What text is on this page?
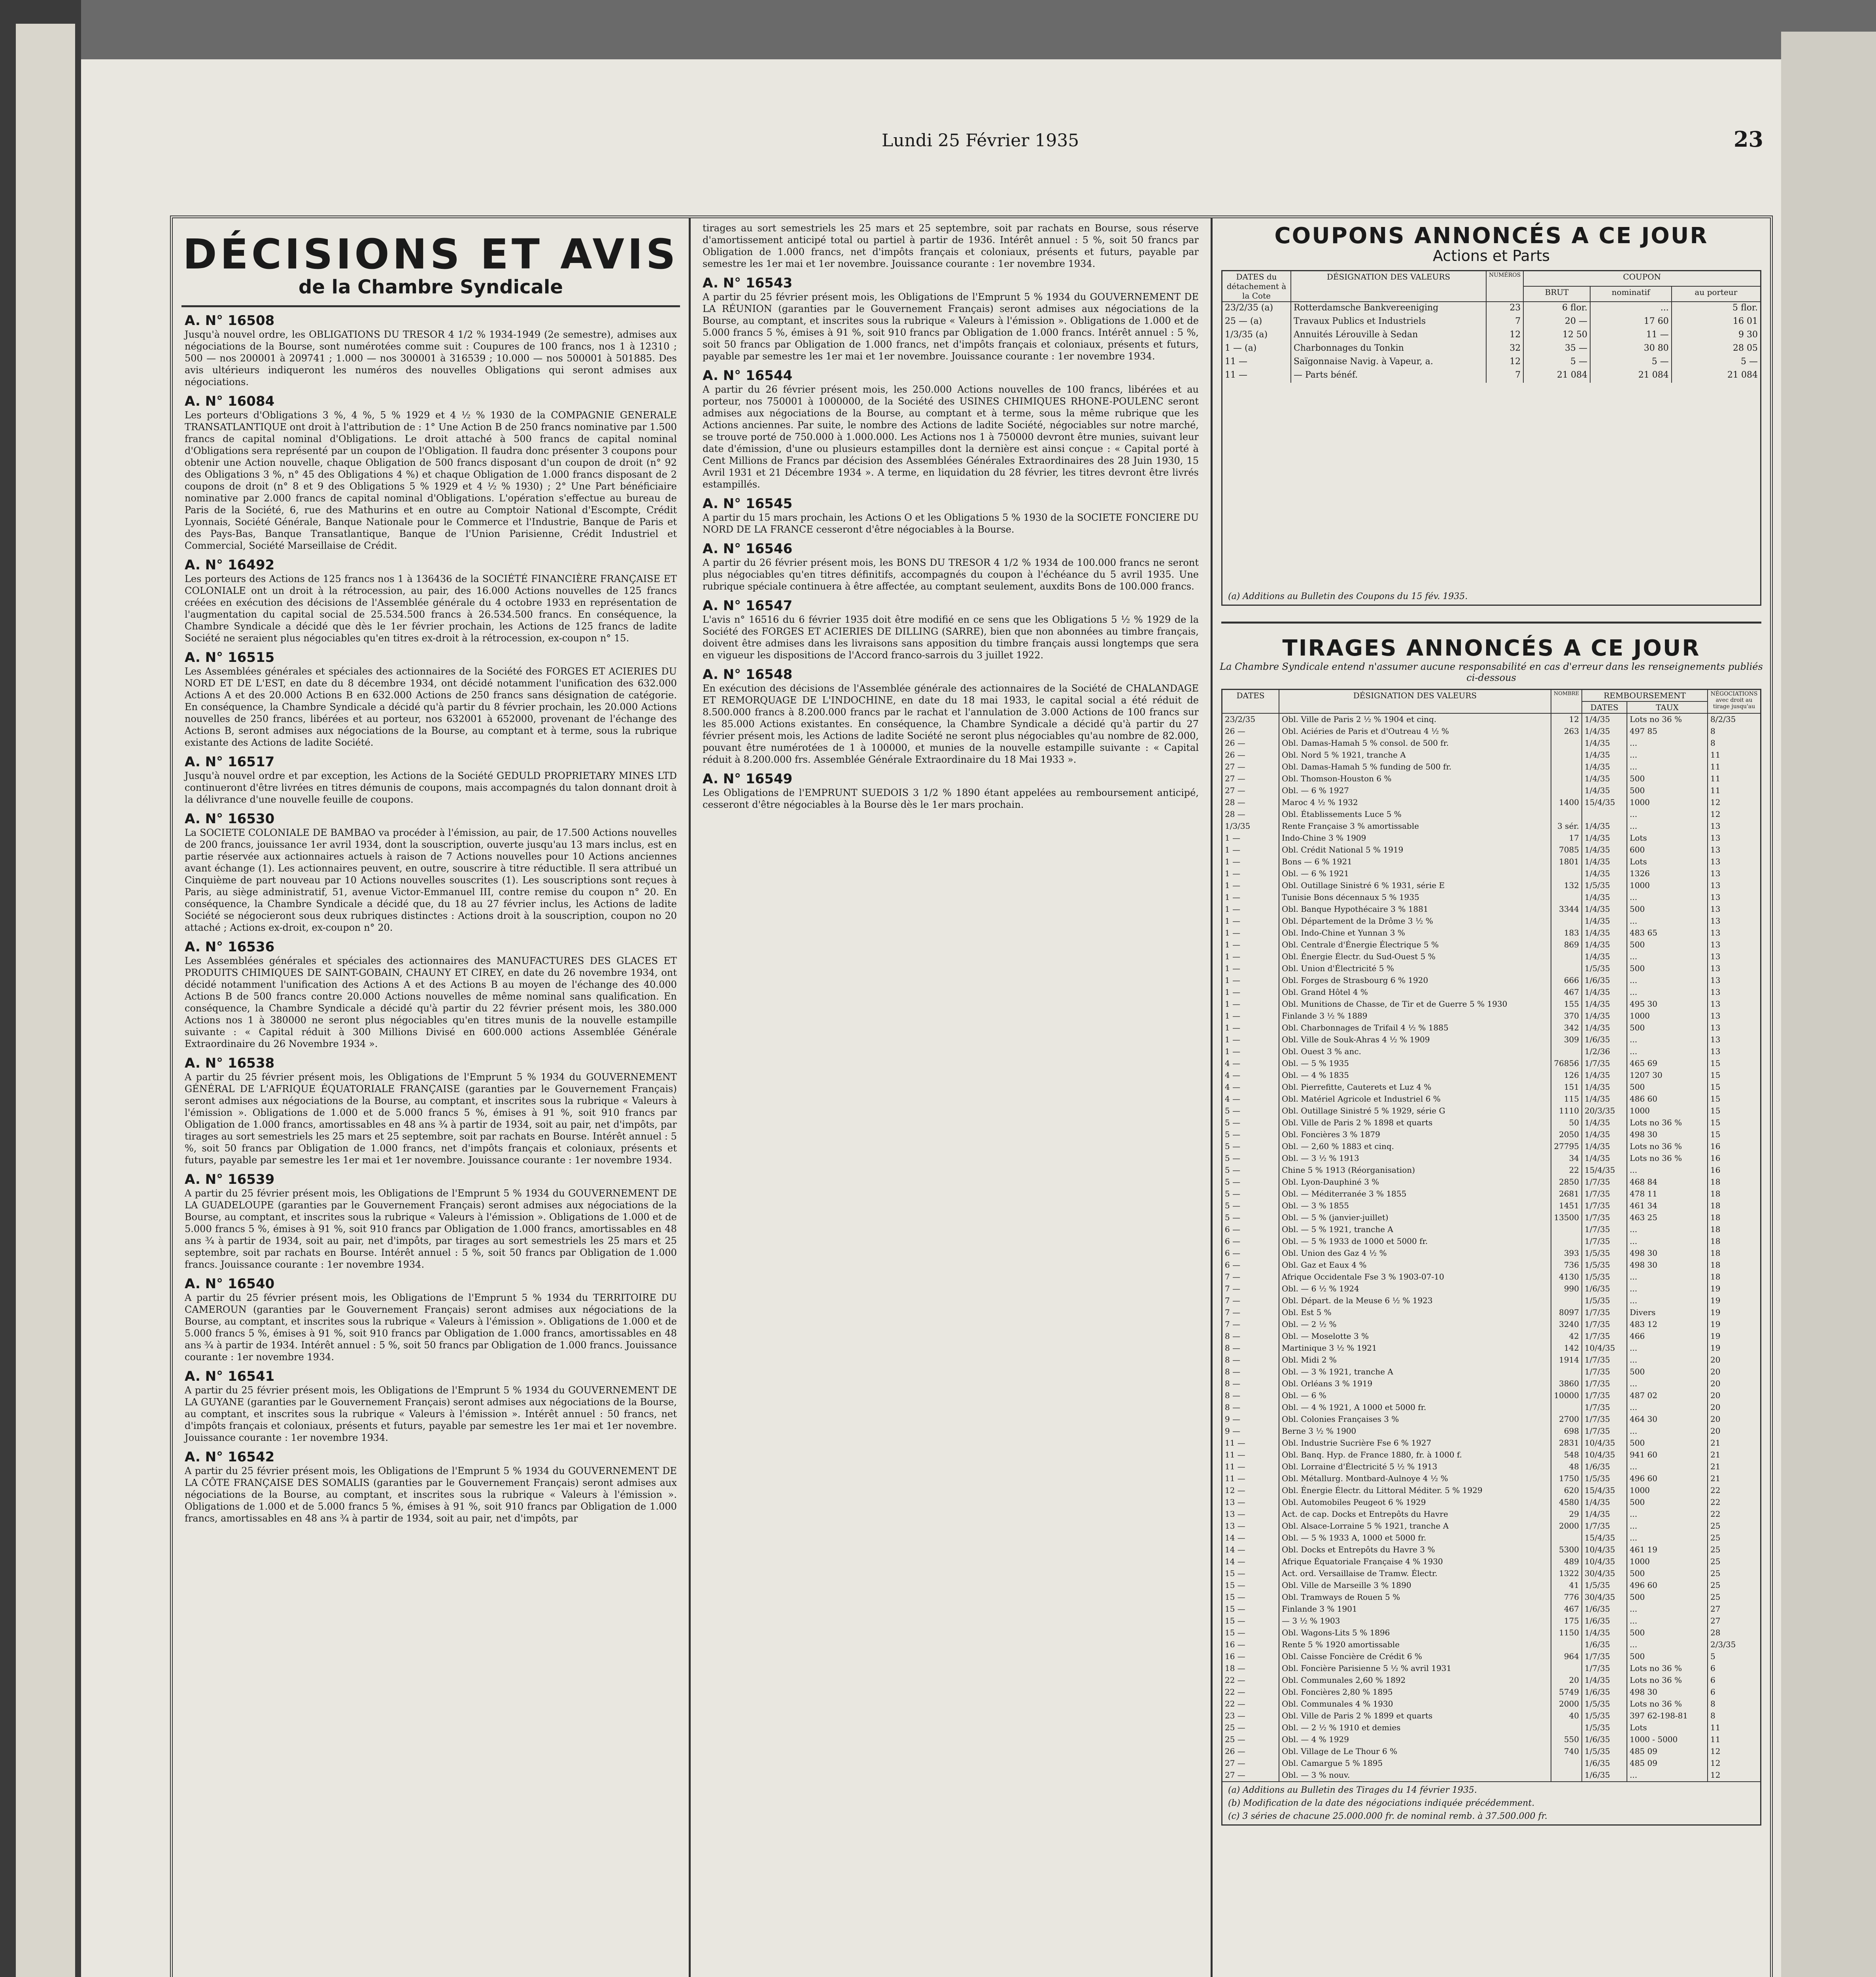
Lundi 25 Février 1935	23
DÉCISIONS ET AVIS
de la Chambre Syndicale
A. N° 16508
Jusqu'à nouvel ordre, les OBLIGATIONS DU TRESOR 4 1/2 % 1934-1949 (2e semestre), admises aux négociations de la Bourse, sont numérotées comme suit : Coupures de 100 francs, nos 1 à 12310 ; 500 — nos 200001 à 209741 ; 1.000 — nos 300001 à 316539 ; 10.000 — nos 500001 à 501885. Des avis ultérieurs indiqueront les numéros des nouvelles Obligations qui seront admises aux négociations.
A. N° 16084
Les porteurs d'Obligations 3 %, 4 %, 5 % 1929 et 4 ½ % 1930 de la COMPAGNIE GENERALE TRANSATLANTIQUE ont droit à l'attribution de : 1° Une Action B de 250 francs nominative par 1.500 francs de capital nominal d'Obligations. Le droit attaché à 500 francs de capital nominal d'Obligations sera représenté par un coupon de l'Obligation. Il faudra donc présenter 3 coupons pour obtenir une Action nouvelle, chaque Obligation de 500 francs disposant d'un coupon de droit (n° 92 des Obligations 3 %, n° 45 des Obligations 4 %) et chaque Obligation de 1.000 francs disposant de 2 coupons de droit (n° 8 et 9 des Obligations 5 % 1929 et 4 ½ % 1930) ; 2° Une Part bénéficiaire nominative par 2.000 francs de capital nominal d'Obligations. L'opération s'effectue au bureau de Paris de la Société, 6, rue des Mathurins et en outre au Comptoir National d'Escompte, Crédit Lyonnais, Société Générale, Banque Nationale pour le Commerce et l'Industrie, Banque de Paris et des Pays-Bas, Banque Transatlantique, Banque de l'Union Parisienne, Crédit Industriel et Commercial, Société Marseillaise de Crédit.
A. N° 16492
Les porteurs des Actions de 125 francs nos 1 à 136436 de la SOCIÉTÉ FINANCIÈRE FRANÇAISE ET COLONIALE ont un droit à la rétrocession, au pair, des 16.000 Actions nouvelles de 125 francs créées en exécution des décisions de l'Assemblée générale du 4 octobre 1933 en représentation de l'augmentation du capital social de 25.534.500 francs à 26.534.500 francs. En conséquence, la Chambre Syndicale a décidé que dès le 1er février prochain, les Actions de 125 francs de ladite Société ne seraient plus négociables qu'en titres ex-droit à la rétrocession, ex-coupon n° 15.
A. N° 16515
Les Assemblées générales et spéciales des actionnaires de la Société des FORGES ET ACIERIES DU NORD ET DE L'EST, en date du 8 décembre 1934, ont décidé notamment l'unification des 632.000 Actions A et des 20.000 Actions B en 632.000 Actions de 250 francs sans désignation de catégorie. En conséquence, la Chambre Syndicale a décidé qu'à partir du 8 février prochain, les 20.000 Actions nouvelles de 250 francs, libérées et au porteur, nos 632001 à 652000, provenant de l'échange des Actions B, seront admises aux négociations de la Bourse, au comptant et à terme, sous la rubrique existante des Actions de ladite Société.
A. N° 16517
Jusqu'à nouvel ordre et par exception, les Actions de la Société GEDULD PROPRIETARY MINES LTD continueront d'être livrées en titres démunis de coupons, mais accompagnés du talon donnant droit à la délivrance d'une nouvelle feuille de coupons.
A. N° 16530
La SOCIETE COLONIALE DE BAMBAO va procéder à l'émission, au pair, de 17.500 Actions nouvelles de 200 francs, jouissance 1er avril 1934, dont la souscription, ouverte jusqu'au 13 mars inclus, est en partie réservée aux actionnaires actuels à raison de 7 Actions nouvelles pour 10 Actions anciennes avant échange (1). Les actionnaires peuvent, en outre, souscrire à titre réductible. Il sera attribué un Cinquième de part nouveau par 10 Actions nouvelles souscrites (1). Les souscriptions sont reçues à Paris, au siège administratif, 51, avenue Victor-Emmanuel III, contre remise du coupon n° 20. En conséquence, la Chambre Syndicale a décidé que, du 18 au 27 février inclus, les Actions de ladite Société se négocieront sous deux rubriques distinctes : Actions droit à la souscription, coupon no 20 attaché ; Actions ex-droit, ex-coupon n° 20.
A. N° 16536
Les Assemblées générales et spéciales des actionnaires des MANUFACTURES DES GLACES ET PRODUITS CHIMIQUES DE SAINT-GOBAIN, CHAUNY ET CIREY, en date du 26 novembre 1934, ont décidé notamment l'unification des Actions A et des Actions B au moyen de l'échange des 40.000 Actions B de 500 francs contre 20.000 Actions nouvelles de même nominal sans qualification. En conséquence, la Chambre Syndicale a décidé qu'à partir du 22 février présent mois, les 380.000 Actions nos 1 à 380000 ne seront plus négociables qu'en titres munis de la nouvelle estampille suivante : « Capital réduit à 300 Millions Divisé en 600.000 actions Assemblée Générale Extraordinaire du 26 Novembre 1934 ».
A. N° 16538
A partir du 25 février présent mois, les Obligations de l'Emprunt 5 % 1934 du GOUVERNEMENT GÉNÉRAL DE L'AFRIQUE ÉQUATORIALE FRANÇAISE (garanties par le Gouvernement Français) seront admises aux négociations de la Bourse, au comptant, et inscrites sous la rubrique « Valeurs à l'émission ». Obligations de 1.000 et de 5.000 francs 5 %, émises à 91 %, soit 910 francs par Obligation de 1.000 francs, amortissables en 48 ans ¾ à partir de 1934, soit au pair, net d'impôts, par tirages au sort semestriels les 25 mars et 25 septembre, soit par rachats en Bourse. Intérêt annuel : 5 %, soit 50 francs par Obligation de 1.000 francs, net d'impôts français et coloniaux, présents et futurs, payable par semestre les 1er mai et 1er novembre. Jouissance courante : 1er novembre 1934.
A. N° 16539
A partir du 25 février présent mois, les Obligations de l'Emprunt 5 % 1934 du GOUVERNEMENT DE LA GUADELOUPE (garanties par le Gouvernement Français) seront admises aux négociations de la Bourse, au comptant, et inscrites sous la rubrique « Valeurs à l'émission ». Obligations de 1.000 et de 5.000 francs 5 %, émises à 91 %, soit 910 francs par Obligation de 1.000 francs, amortissables en 48 ans ¾ à partir de 1934, soit au pair, net d'impôts, par tirages au sort semestriels les 25 mars et 25 septembre, soit par rachats en Bourse. Intérêt annuel : 5 %, soit 50 francs par Obligation de 1.000 francs. Jouissance courante : 1er novembre 1934.
A. N° 16540
A partir du 25 février présent mois, les Obligations de l'Emprunt 5 % 1934 du TERRITOIRE DU CAMEROUN (garanties par le Gouvernement Français) seront admises aux négociations de la Bourse, au comptant, et inscrites sous la rubrique « Valeurs à l'émission ». Obligations de 1.000 et de 5.000 francs 5 %, émises à 91 %, soit 910 francs par Obligation de 1.000 francs, amortissables en 48 ans ¾ à partir de 1934. Intérêt annuel : 5 %, soit 50 francs par Obligation de 1.000 francs. Jouissance courante : 1er novembre 1934.
A. N° 16541
A partir du 25 février présent mois, les Obligations de l'Emprunt 5 % 1934 du GOUVERNEMENT DE LA GUYANE (garanties par le Gouvernement Français) seront admises aux négociations de la Bourse, au comptant, et inscrites sous la rubrique « Valeurs à l'émission ». Intérêt annuel : 50 francs, net d'impôts français et coloniaux, présents et futurs, payable par semestre les 1er mai et 1er novembre. Jouissance courante : 1er novembre 1934.
A. N° 16542
A partir du 25 février présent mois, les Obligations de l'Emprunt 5 % 1934 du GOUVERNEMENT DE LA CÔTE FRANÇAISE DES SOMALIS (garanties par le Gouvernement Français) seront admises aux négociations de la Bourse, au comptant, et inscrites sous la rubrique « Valeurs à l'émission ». Obligations de 1.000 et de 5.000 francs 5 %, émises à 91 %, soit 910 francs par Obligation de 1.000 francs, amortissables en 48 ans ¾ à partir de 1934, soit au pair, net d'impôts, par
tirages au sort semestriels les 25 mars et 25 septembre, soit par rachats en Bourse, sous réserve d'amortissement anticipé total ou partiel à partir de 1936. Intérêt annuel : 5 %, soit 50 francs par Obligation de 1.000 francs, net d'impôts français et coloniaux, présents et futurs, payable par semestre les 1er mai et 1er novembre. Jouissance courante : 1er novembre 1934.
A. N° 16543
A partir du 25 février présent mois, les Obligations de l'Emprunt 5 % 1934 du GOUVERNEMENT DE LA RÉUNION (garanties par le Gouvernement Français) seront admises aux négociations de la Bourse, au comptant, et inscrites sous la rubrique « Valeurs à l'émission ». Obligations de 1.000 et de 5.000 francs 5 %, émises à 91 %, soit 910 francs par Obligation de 1.000 francs. Intérêt annuel : 5 %, soit 50 francs par Obligation de 1.000 francs, net d'impôts français et coloniaux, présents et futurs, payable par semestre les 1er mai et 1er novembre. Jouissance courante : 1er novembre 1934.
A. N° 16544
A partir du 26 février présent mois, les 250.000 Actions nouvelles de 100 francs, libérées et au porteur, nos 750001 à 1000000, de la Société des USINES CHIMIQUES RHONE-POULENC seront admises aux négociations de la Bourse, au comptant et à terme, sous la même rubrique que les Actions anciennes. Par suite, le nombre des Actions de ladite Société, négociables sur notre marché, se trouve porté de 750.000 à 1.000.000. Les Actions nos 1 à 750000 devront être munies, suivant leur date d'émission, d'une ou plusieurs estampilles dont la dernière est ainsi conçue : « Capital porté à Cent Millions de Francs par décision des Assemblées Générales Extraordinaires des 28 Juin 1930, 15 Avril 1931 et 21 Décembre 1934 ». A terme, en liquidation du 28 février, les titres devront être livrés estampillés.
A. N° 16545
A partir du 15 mars prochain, les Actions O et les Obligations 5 % 1930 de la SOCIETE FONCIERE DU NORD DE LA FRANCE cesseront d'être négociables à la Bourse.
A. N° 16546
A partir du 26 février présent mois, les BONS DU TRESOR 4 1/2 % 1934 de 100.000 francs ne seront plus négociables qu'en titres définitifs, accompagnés du coupon à l'échéance du 5 avril 1935. Une rubrique spéciale continuera à être affectée, au comptant seulement, auxdits Bons de 100.000 francs.
A. N° 16547
L'avis n° 16516 du 6 février 1935 doit être modifié en ce sens que les Obligations 5 ½ % 1929 de la Société des FORGES ET ACIERIES DE DILLING (SARRE), bien que non abonnées au timbre français, doivent être admises dans les livraisons sans apposition du timbre français aussi longtemps que sera en vigueur les dispositions de l'Accord franco-sarrois du 3 juillet 1922.
A. N° 16548
En exécution des décisions de l'Assemblée générale des actionnaires de la Société de CHALANDAGE ET REMORQUAGE DE L'INDOCHINE, en date du 18 mai 1933, le capital social a été réduit de 8.500.000 francs à 8.200.000 francs par le rachat et l'annulation de 3.000 Actions de 100 francs sur les 85.000 Actions existantes. En conséquence, la Chambre Syndicale a décidé qu'à partir du 27 février présent mois, les Actions de ladite Société ne seront plus négociables qu'au nombre de 82.000, pouvant être numérotées de 1 à 100000, et munies de la nouvelle estampille suivante : « Capital réduit à 8.200.000 frs. Assemblée Générale Extraordinaire du 18 Mai 1933 ».
A. N° 16549
Les Obligations de l'EMPRUNT SUEDOIS 3 1/2 % 1890 étant appelées au remboursement anticipé, cesseront d'être négociables à la Bourse dès le 1er mars prochain.
COUPONS ANNONCÉS A CE JOUR
Actions et Parts
DATES du détachement à la Cote	DÉSIGNATION DES VALEURS	NUMÉROS	COUPON		
			BRUT	nominatif	au porteur
23/2/35 (a)	Rotterdamsche Bankvereeniging	23	6 flor.	...	5 flor.
25 — (a)	Travaux Publics et Industriels	7	20 —	17 60	16 01
1/3/35 (a)	Annuités Lérouville à Sedan	12	12 50	11 —	9 30
1 — (a)	Charbonnages du Tonkin	32	35 —	30 80	28 05
11 —	Saïgonnaise Navig. à Vapeur, a.	12	5 —	5 —	5 —
11 —	— Parts bénéf.	7	21 084	21 084	21 084
(a) Additions au Bulletin des Coupons du 15 fév. 1935.
TIRAGES ANNONCÉS A CE JOUR
La Chambre Syndicale entend n'assumer aucune responsabilité en cas d'erreur dans les renseignements publiés ci-dessous
DATES	DÉSIGNATION DES VALEURS	NOMBRE	REMBOURSEMENT		NÉGOCIATIONS avec droit au tirage jusqu'au
			DATES	TAUX	
23/2/35	Obl. Ville de Paris 2 ½ % 1904 et cinq.	12	1/4/35	Lots no 36 %	8/2/35
26 —	Obl. Aciéries de Paris et d'Outreau 4 ½ %	263	1/4/35	497 85	8
26 —	Obl. Damas-Hamah 5 % consol. de 500 fr.		1/4/35	...	8
26 —	Obl. Nord 5 % 1921, tranche A		1/4/35	...	11
27 —	Obl. Damas-Hamah 5 % funding de 500 fr.		1/4/35	...	11
27 —	Obl. Thomson-Houston 6 %		1/4/35	500	11
27 —	Obl. — 6 % 1927		1/4/35	500	11
28 —	Maroc 4 ½ % 1932	1400	15/4/35	1000	12
28 —	Obl. Établissements Luce 5 %			...	12
1/3/35	Rente Française 3 % amortissable	3 sér.	1/4/35	...	13
1 —	Indo-Chine 3 % 1909	17	1/4/35	Lots	13
1 —	Obl. Crédit National 5 % 1919	7085	1/4/35	600	13
1 —	Bons — 6 % 1921	1801	1/4/35	Lots	13
1 —	Obl. — 6 % 1921		1/4/35	1326	13
1 —	Obl. Outillage Sinistré 6 % 1931, série E	132	1/5/35	1000	13
1 —	Tunisie Bons décennaux 5 % 1935		1/4/35	...	13
1 —	Obl. Banque Hypothécaire 3 % 1881	3344	1/4/35	500	13
1 —	Obl. Département de la Drôme 3 ½ %		1/4/35	...	13
1 —	Obl. Indo-Chine et Yunnan 3 %	183	1/4/35	483 65	13
1 —	Obl. Centrale d'Énergie Électrique 5 %	869	1/4/35	500	13
1 —	Obl. Énergie Électr. du Sud-Ouest 5 %		1/4/35	...	13
1 —	Obl. Union d'Électricité 5 %		1/5/35	500	13
1 —	Obl. Forges de Strasbourg 6 % 1920	666	1/6/35	...	13
1 —	Obl. Grand Hôtel 4 %	467	1/4/35	...	13
1 —	Obl. Munitions de Chasse, de Tir et de Guerre 5 % 1930	155	1/4/35	495 30	13
1 —	Finlande 3 ½ % 1889	370	1/4/35	1000	13
1 —	Obl. Charbonnages de Trifail 4 ½ % 1885	342	1/4/35	500	13
1 —	Obl. Ville de Souk-Ahras 4 ½ % 1909	309	1/6/35	...	13
1 —	Obl. Ouest 3 % anc.		1/2/36	...	13
4 —	Obl. — 5 % 1935	76856	1/7/35	465 69	15
4 —	Obl. — 4 % 1835	126	1/4/35	1207 30	15
4 —	Obl. Pierrefitte, Cauterets et Luz 4 %	151	1/4/35	500	15
4 —	Obl. Matériel Agricole et Industriel 6 %	115	1/4/35	486 60	15
5 —	Obl. Outillage Sinistré 5 % 1929, série G	1110	20/3/35	1000	15
5 —	Obl. Ville de Paris 2 % 1898 et quarts	50	1/4/35	Lots no 36 %	15
5 —	Obl. Foncières 3 % 1879	2050	1/4/35	498 30	15
5 —	Obl. — 2,60 % 1883 et cinq.	27795	1/4/35	Lots no 36 %	16
5 —	Obl. — 3 ½ % 1913	34	1/4/35	Lots no 36 %	16
5 —	Chine 5 % 1913 (Réorganisation)	22	15/4/35	...	16
5 —	Obl. Lyon-Dauphiné 3 %	2850	1/7/35	468 84	18
5 —	Obl. — Méditerranée 3 % 1855	2681	1/7/35	478 11	18
5 —	Obl. — 3 % 1855	1451	1/7/35	461 34	18
5 —	Obl. — 5 % (janvier-juillet)	13500	1/7/35	463 25	18
6 —	Obl. — 5 % 1921, tranche A		1/7/35	...	18
6 —	Obl. — 5 % 1933 de 1000 et 5000 fr.		1/7/35	...	18
6 —	Obl. Union des Gaz 4 ½ %	393	1/5/35	498 30	18
6 —	Obl. Gaz et Eaux 4 %	736	1/5/35	498 30	18
7 —	Afrique Occidentale Fse 3 % 1903-07-10	4130	1/5/35	...	18
7 —	Obl. — 6 ½ % 1924	990	1/6/35	...	19
7 —	Obl. Départ. de la Meuse 6 ½ % 1923		1/5/35	...	19
7 —	Obl. Est 5 %	8097	1/7/35	Divers	19
7 —	Obl. — 2 ½ %	3240	1/7/35	483 12	19
8 —	Obl. — Moselotte 3 %	42	1/7/35	466	19
8 —	Martinique 3 ½ % 1921	142	10/4/35	...	19
8 —	Obl. Midi 2 %	1914	1/7/35	...	20
8 —	Obl. — 3 % 1921, tranche A		1/7/35	500	20
8 —	Obl. Orléans 3 % 1919	3860	1/7/35	...	20
8 —	Obl. — 6 %	10000	1/7/35	487 02	20
8 —	Obl. — 4 % 1921, A 1000 et 5000 fr.		1/7/35	...	20
9 —	Obl. Colonies Françaises 3 %	2700	1/7/35	464 30	20
9 —	Berne 3 ½ % 1900	698	1/7/35	...	20
11 —	Obl. Industrie Sucrière Fse 6 % 1927	2831	10/4/35	500	21
11 —	Obl. Banq. Hyp. de France 1880, fr. à 1000 f.	548	10/4/35	941 60	21
11 —	Obl. Lorraine d'Électricité 5 ½ % 1913	48	1/6/35	...	21
11 —	Obl. Métallurg. Montbard-Aulnoye 4 ½ %	1750	1/5/35	496 60	21
12 —	Obl. Énergie Électr. du Littoral Méditer. 5 % 1929	620	15/4/35	1000	22
13 —	Obl. Automobiles Peugeot 6 % 1929	4580	1/4/35	500	22
13 —	Act. de cap. Docks et Entrepôts du Havre	29	1/4/35	...	22
13 —	Obl. Alsace-Lorraine 5 % 1921, tranche A	2000	1/7/35	...	25
14 —	Obl. — 5 % 1933 A, 1000 et 5000 fr.		15/4/35	...	25
14 —	Obl. Docks et Entrepôts du Havre 3 %	5300	10/4/35	461 19	25
14 —	Afrique Équatoriale Française 4 % 1930	489	10/4/35	1000	25
15 —	Act. ord. Versaillaise de Tramw. Électr.	1322	30/4/35	500	25
15 —	Obl. Ville de Marseille 3 % 1890	41	1/5/35	496 60	25
15 —	Obl. Tramways de Rouen 5 %	776	30/4/35	500	25
15 —	Finlande 3 % 1901	467	1/6/35	...	27
15 —	— 3 ½ % 1903	175	1/6/35	...	27
15 —	Obl. Wagons-Lits 5 % 1896	1150	1/4/35	500	28
16 —	Rente 5 % 1920 amortissable		1/6/35	...	2/3/35
16 —	Obl. Caisse Foncière de Crédit 6 %	964	1/7/35	500	5
18 —	Obl. Foncière Parisienne 5 ½ % avril 1931		1/7/35	Lots no 36 %	6
22 —	Obl. Communales 2,60 % 1892	20	1/4/35	Lots no 36 %	6
22 —	Obl. Foncières 2,80 % 1895	5749	1/6/35	498 30	6
22 —	Obl. Communales 4 % 1930	2000	1/5/35	Lots no 36 %	8
23 —	Obl. Ville de Paris 2 % 1899 et quarts	40	1/5/35	397 62-198-81	8
25 —	Obl. — 2 ½ % 1910 et demies		1/5/35	Lots	11
25 —	Obl. — 4 % 1929	550	1/6/35	1000 - 5000	11
26 —	Obl. Village de Le Thour 6 %	740	1/5/35	485 09	12
27 —	Obl. Camargue 5 % 1895		1/6/35	485 09	12
27 —	Obl. — 3 % nouv.		1/6/35	...	12
(a) Additions au Bulletin des Tirages du 14 février 1935.
(b) Modification de la date des négociations indiquée précédemment.
(c) 3 séries de chacune 25.000.000 fr. de nominal remb. à 37.500.000 fr.
